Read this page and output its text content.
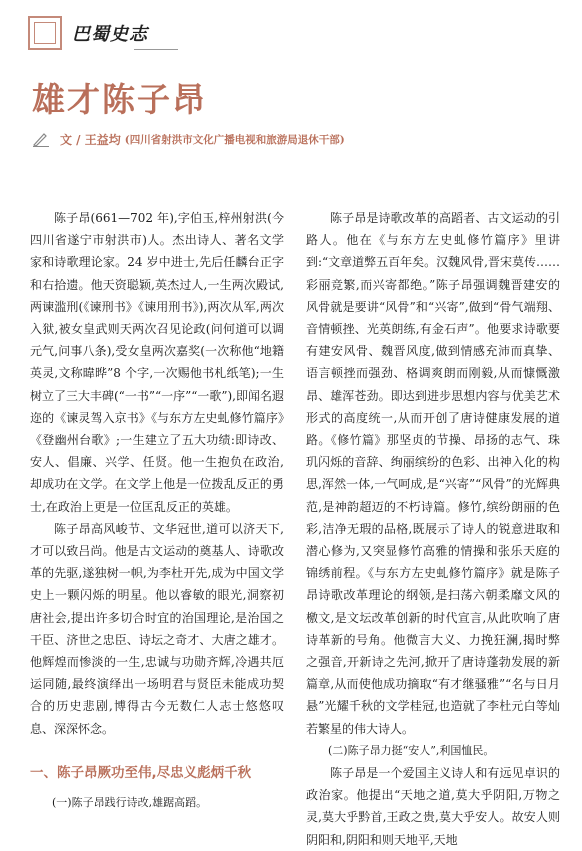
巴蜀史志
雄才陈子昂
文 / 王益均 (四川省射洪市文化广播电视和旅游局退休干部)

陈子昂(661—702 年),字伯玉,梓州射洪(今四川省遂宁市射洪市)人。杰出诗人、著名文学家和诗歌理论家。24 岁中进士,先后任麟台正字和右拾遗。他天资聪颖,英杰过人,一生两次殿试,两谏滥刑(《谏刑书》《谏用刑书》),两次从军,两次入狱,被女皇武则天两次召见论政(问何道可以调元气,问事八条),受女皇两次嘉奖(一次称他“地籍英灵,文称暐晔”8 个字,一次赐他书札纸笔);一生树立了三大丰碑(“一书”“一序”“一歌”),即闻名遐迩的《谏灵驾入京书》《与东方左史虬修竹篇序》《登幽州台歌》;一生建立了五大功绩:即诗改、安人、倡廉、兴学、任贤。他一生抱负在政治,却成功在文学。在文学上他是一位拨乱反正的勇士,在政治上更是一位匡乱反正的英雄。

陈子昂高风峻节、文华冠世,道可以济天下,才可以致吕尚。他是古文运动的奠基人、诗歌改革的先驱,遂独树一帜,为李杜开先,成为中国文学史上一颗闪烁的明星。他以睿敏的眼光,洞察初唐社会,提出许多切合时宜的治国理论,是治国之干臣、济世之忠臣、诗坛之奇才、大唐之雄才。他辉煌而惨淡的一生,忠诚与功勋齐辉,冷遇共厄运同随,最终演绎出一场明君与贤臣未能成功契合的历史悲剧,博得古今无数仁人志士悠悠叹息、深深怀念。

一、陈子昂厥功至伟,尽忠义彪炳千秋

(一)陈子昂践行诗改,雄踞高蹈。

陈子昂是诗歌改革的高蹈者、古文运动的引路人。他在《与东方左史虬修竹篇序》里讲到:“文章道弊五百年矣。汉魏风骨,晋宋莫传……彩丽竞繁,而兴寄都绝。”陈子昂强调魏晋建安的风骨就是要讲“风骨”和“兴寄”,做到“骨气端翔、音情顿挫、光英朗练,有金石声”。他要求诗歌要有建安风骨、魏晋风度,做到情感充沛而真挚、语言顿挫而强劲、格调爽朗而刚毅,从而慷慨激昂、雄浑苍劲。即达到进步思想内容与优美艺术形式的高度统一,从而开创了唐诗健康发展的道路。《修竹篇》那坚贞的节操、昂扬的志气、珠玑闪烁的音辞、绚丽缤纷的色彩、出神入化的构思,浑然一体,一气呵成,是“兴寄”“风骨”的光辉典范,是神韵超迈的不朽诗篇。修竹,缤纷朗丽的色彩,洁净无瑕的品格,既展示了诗人的锐意进取和潜心修为,又突显修竹高雅的情操和张乐天庭的锦绣前程。《与东方左史虬修竹篇序》就是陈子昂诗歌改革理论的纲领,是扫荡六朝柔靡文风的檄文,是文坛改革创新的时代宣言,从此吹响了唐诗革新的号角。他微言大义、力挽狂澜,揭时弊之强音,开新诗之先河,掀开了唐诗蓬勃发展的新篇章,从而使他成功摘取“有才继骚雅”“名与日月悬”光耀千秋的文学桂冠,也造就了李杜元白等灿若繁星的伟大诗人。

(二)陈子昂力挺“安人”,利国恤民。

陈子昂是一个爱国主义诗人和有远见卓识的政治家。他提出“天地之道,莫大乎阴阳,万物之灵,莫大乎黔首,王政之贵,莫大乎安人。故安人则阴阳和,阴阳和则天地平,天地
